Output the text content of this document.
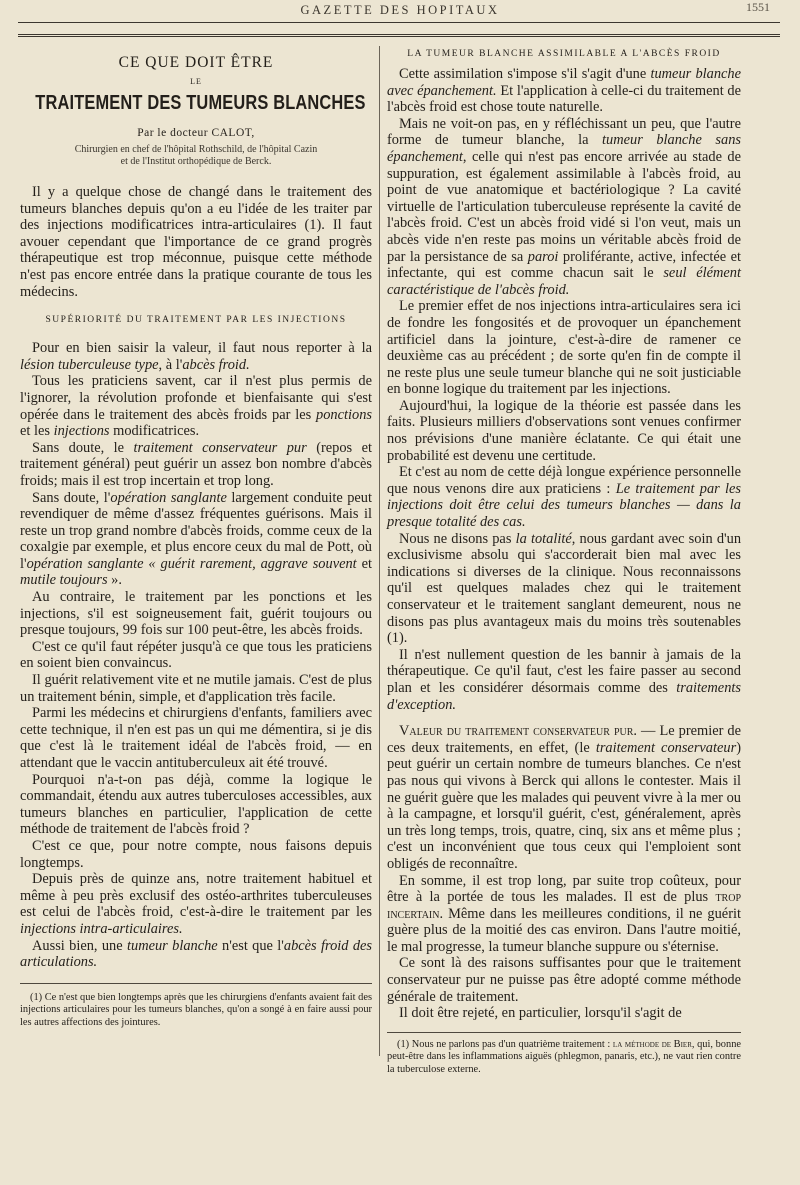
GAZETTE DES HOPITAUX	1551
CE QUE DOIT ÊTRE
LE
TRAITEMENT DES TUMEURS BLANCHES
Par le docteur CALOT,
Chirurgien en chef de l'hôpital Rothschild, de l'hôpital Cazin
et de l'Institut orthopédique de Berck.

Il y a quelque chose de changé dans le traitement des tumeurs blanches depuis qu'on a eu l'idée de les traiter par des injections modificatrices intra-articulaires (1). Il faut avouer cependant que l'importance de ce grand progrès thérapeutique est trop méconnue, puisque cette méthode n'est pas encore entrée dans la pratique courante de tous les médecins.

SUPÉRIORITÉ DU TRAITEMENT PAR LES INJECTIONS

Pour en bien saisir la valeur, il faut nous reporter à la lésion tuberculeuse type, à l'abcès froid.

Tous les praticiens savent, car il n'est plus permis de l'ignorer, la révolution profonde et bienfaisante qui s'est opérée dans le traitement des abcès froids par les ponctions et les injections modificatrices.

Sans doute, le traitement conservateur pur (repos et traitement général) peut guérir un assez bon nombre d'abcès froids; mais il est trop incertain et trop long.

Sans doute, l'opération sanglante largement conduite peut revendiquer de même d'assez fréquentes guérisons. Mais il reste un trop grand nombre d'abcès froids, comme ceux de la coxalgie par exemple, et plus encore ceux du mal de Pott, où l'opération sanglante « guérit rarement, aggrave souvent et mutile toujours ».

Au contraire, le traitement par les ponctions et les injections, s'il est soigneusement fait, guérit toujours ou presque toujours, 99 fois sur 100 peut-être, les abcès froids.

C'est ce qu'il faut répéter jusqu'à ce que tous les praticiens en soient bien convaincus.

Il guérit relativement vite et ne mutile jamais. C'est de plus un traitement bénin, simple, et d'application très facile.

Parmi les médecins et chirurgiens d'enfants, familiers avec cette technique, il n'en est pas un qui me démentira, si je dis que c'est là le traitement idéal de l'abcès froid, — en attendant que le vaccin antituberculeux ait été trouvé.

Pourquoi n'a-t-on pas déjà, comme la logique le commandait, étendu aux autres tuberculoses accessibles, aux tumeurs blanches en particulier, l'application de cette méthode de traitement de l'abcès froid ?

C'est ce que, pour notre compte, nous faisons depuis longtemps.

Depuis près de quinze ans, notre traitement habituel et même à peu près exclusif des ostéo-arthrites tuberculeuses est celui de l'abcès froid, c'est-à-dire le traitement par les injections intra-articulaires.

Aussi bien, une tumeur blanche n'est que l'abcès froid des articulations.

(1) Ce n'est que bien longtemps après que les chirurgiens d'enfants avaient fait des injections articulaires pour les tumeurs blanches, qu'on a songé à en faire aussi pour les autres affections des jointures.

LA TUMEUR BLANCHE ASSIMILABLE A L'ABCÈS FROID

Cette assimilation s'impose s'il s'agit d'une tumeur blanche avec épanchement. Et l'application à celle-ci du traitement de l'abcès froid est chose toute naturelle.

Mais ne voit-on pas, en y réfléchissant un peu, que l'autre forme de tumeur blanche, la tumeur blanche sans épanchement, celle qui n'est pas encore arrivée au stade de suppuration, est également assimilable à l'abcès froid, au point de vue anatomique et bactériologique ? La cavité virtuelle de l'articulation tuberculeuse représente la cavité de l'abcès froid. C'est un abcès froid vidé si l'on veut, mais un abcès vide n'en reste pas moins un véritable abcès froid de par la persistance de sa paroi proliférante, active, infectée et infectante, qui est comme chacun sait le seul élément caractéristique de l'abcès froid.

Le premier effet de nos injections intra-articulaires sera ici de fondre les fongosités et de provoquer un épanchement artificiel dans la jointure, c'est-à-dire de ramener ce deuxième cas au précédent ; de sorte qu'en fin de compte il ne reste plus une seule tumeur blanche qui ne soit justiciable en bonne logique du traitement par les injections.

Aujourd'hui, la logique de la théorie est passée dans les faits. Plusieurs milliers d'observations sont venues confirmer nos prévisions d'une manière éclatante. Ce qui était une probabilité est devenu une certitude.

Et c'est au nom de cette déjà longue expérience personnelle que nous venons dire aux praticiens : Le traitement par les injections doit être celui des tumeurs blanches — dans la presque totalité des cas.

Nous ne disons pas la totalité, nous gardant avec soin d'un exclusivisme absolu qui s'accorderait bien mal avec les indications si diverses de la clinique. Nous reconnaissons qu'il est quelques malades chez qui le traitement conservateur et le traitement sanglant demeurent, nous ne disons pas plus avantageux mais du moins très soutenables (1).

Il n'est nullement question de les bannir à jamais de la thérapeutique. Ce qu'il faut, c'est les faire passer au second plan et les considérer désormais comme des traitements d'exception.

Valeur du traitement conservateur pur. — Le premier de ces deux traitements, en effet, (le traitement conservateur) peut guérir un certain nombre de tumeurs blanches. Ce n'est pas nous qui vivons à Berck qui allons le contester. Mais il ne guérit guère que les malades qui peuvent vivre à la mer ou à la campagne, et lorsqu'il guérit, c'est, généralement, après un très long temps, trois, quatre, cinq, six ans et même plus ; c'est un inconvénient que tous ceux qui l'emploient sont obligés de reconnaître.

En somme, il est trop long, par suite trop coûteux, pour être à la portée de tous les malades. Il est de plus trop incertain. Même dans les meilleures conditions, il ne guérit guère plus de la moitié des cas environ. Dans l'autre moitié, le mal progresse, la tumeur blanche suppure ou s'éternise.

Ce sont là des raisons suffisantes pour que le traitement conservateur pur ne puisse pas être adopté comme méthode générale de traitement.

Il doit être rejeté, en particulier, lorsqu'il s'agit de

(1) Nous ne parlons pas d'un quatrième traitement : la méthode de Bier, qui, bonne peut-être dans les inflammations aiguës (phlegmon, panaris, etc.), ne vaut rien contre la tuberculose externe.
